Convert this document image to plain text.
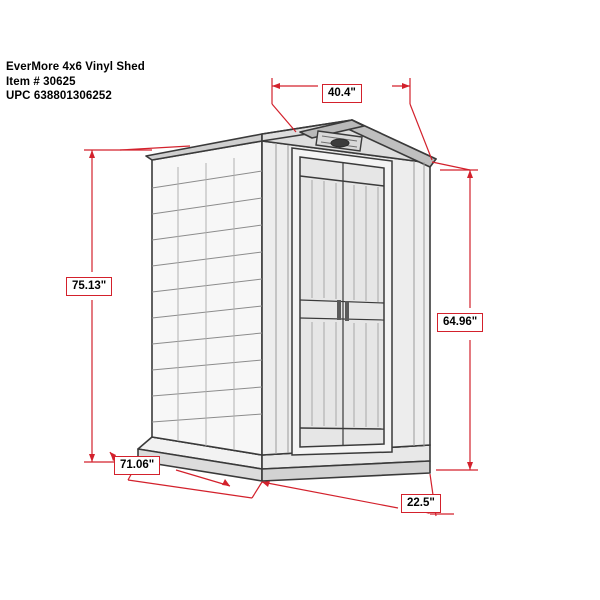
EverMore 4x6 Vinyl Shed
Item # 30625
UPC 638801306252	40.4"
75.13"
64.96"
71.06"
22.5"
